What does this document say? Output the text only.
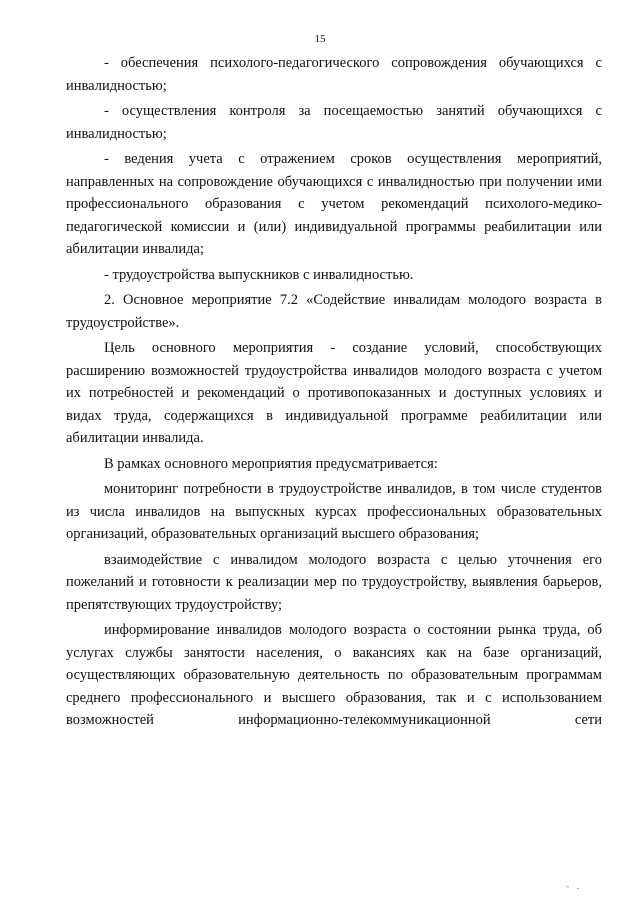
15

- обеспечения психолого-педагогического сопровождения обучающихся с инвалидностью;

- осуществления контроля за посещаемостью занятий обучающихся с инвалидностью;

- ведения учета с отражением сроков осуществления мероприятий, направленных на сопровождение обучающихся с инвалидностью при получении ими профессионального образования с учетом рекомендаций психолого-медико-педагогической комиссии и (или) индивидуальной программы реабилитации или абилитации инвалида;

- трудоустройства выпускников с инвалидностью.

2. Основное мероприятие 7.2 «Содействие инвалидам молодого возраста в трудоустройстве».

Цель основного мероприятия - создание условий, способствующих расширению возможностей трудоустройства инвалидов молодого возраста с учетом их потребностей и рекомендаций о противопоказанных и доступных условиях и видах труда, содержащихся в индивидуальной программе реабилитации или абилитации инвалида.

В рамках основного мероприятия предусматривается:

мониторинг потребности в трудоустройстве инвалидов, в том числе студентов из числа инвалидов на выпускных курсах профессиональных образовательных организаций, образовательных организаций высшего образования;

взаимодействие с инвалидом молодого возраста с целью уточнения его пожеланий и готовности к реализации мер по трудоустройству, выявления барьеров, препятствующих трудоустройству;

информирование инвалидов молодого возраста о состоянии рынка труда, об услугах службы занятости населения, о вакансиях как на базе организаций, осуществляющих образовательную деятельность по образовательным программам среднего профессионального и высшего образования, так и с использованием возможностей информационно-телекоммуникационной сети

- .
